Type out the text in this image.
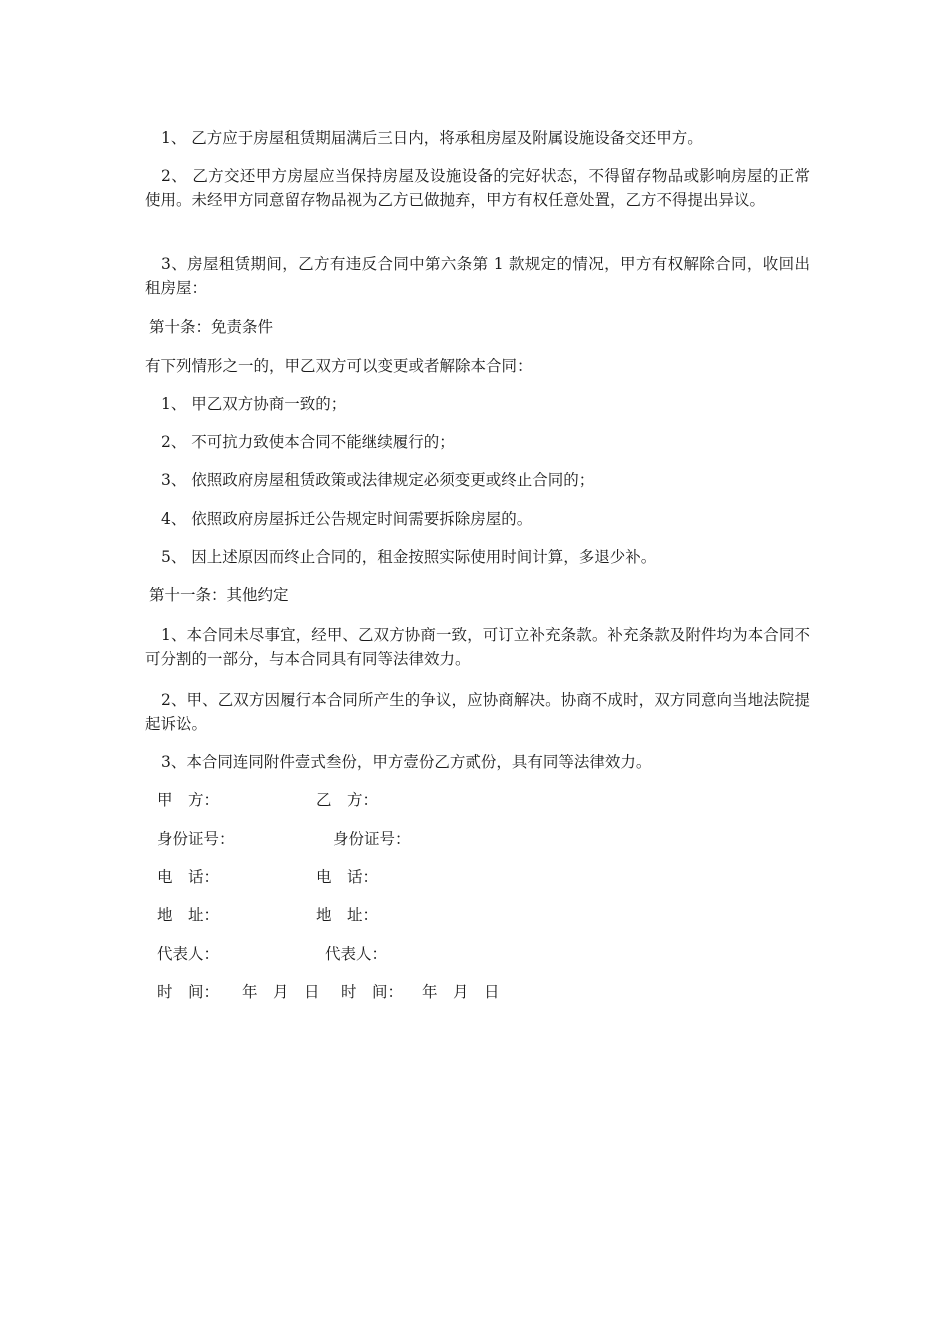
1、 乙方应于房屋租赁期届满后三日内，将承租房屋及附属设施设备交还甲方。
2、 乙方交还甲方房屋应当保持房屋及设施设备的完好状态，不得留存物品或影响房屋的正常使用。未经甲方同意留存物品视为乙方已做抛弃，甲方有权任意处置，乙方不得提出异议。
3、房屋租赁期间，乙方有违反合同中第六条第 1 款规定的情况，甲方有权解除合同，收回出租房屋：
第十条：免责条件
有下列情形之一的，甲乙双方可以变更或者解除本合同：
1、 甲乙双方协商一致的；
2、 不可抗力致使本合同不能继续履行的；
3、 依照政府房屋租赁政策或法律规定必须变更或终止合同的；
4、 依照政府房屋拆迁公告规定时间需要拆除房屋的。
5、 因上述原因而终止合同的，租金按照实际使用时间计算，多退少补。
第十一条：其他约定
1、本合同未尽事宜，经甲、乙双方协商一致，可订立补充条款。补充条款及附件均为本合同不可分割的一部分，与本合同具有同等法律效力。
2、甲、乙双方因履行本合同所产生的争议，应协商解决。协商不成时，双方同意向当地法院提起诉讼。
3、本合同连同附件壹式叁份，甲方壹份乙方贰份，具有同等法律效力。
甲　方：	乙　方：
身份证号：	身份证号：
电　话：	电　话：
地　址：	地　址：
代表人：	代表人：
时　间： 年　月　日 时　间： 年　月　日
